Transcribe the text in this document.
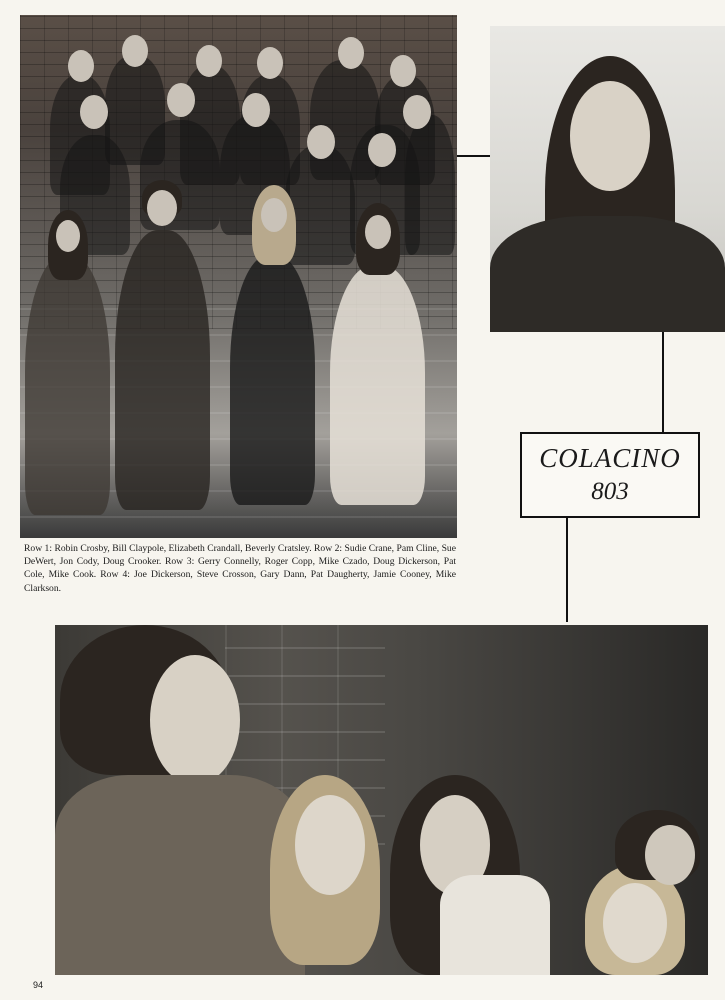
COLACINO
803
Row 1: Robin Crosby, Bill Claypole, Elizabeth Crandall, Beverly Cratsley. Row 2: Sudie Crane, Pam Cline, Sue DeWert, Jon Cody, Doug Crooker. Row 3: Gerry Connelly, Roger Copp, Mike Czado, Doug Dickerson, Pat Cole, Mike Cook. Row 4: Joe Dickerson, Steve Crosson, Gary Dann, Pat Daugherty, Jamie Cooney, Mike Clarkson.
94
